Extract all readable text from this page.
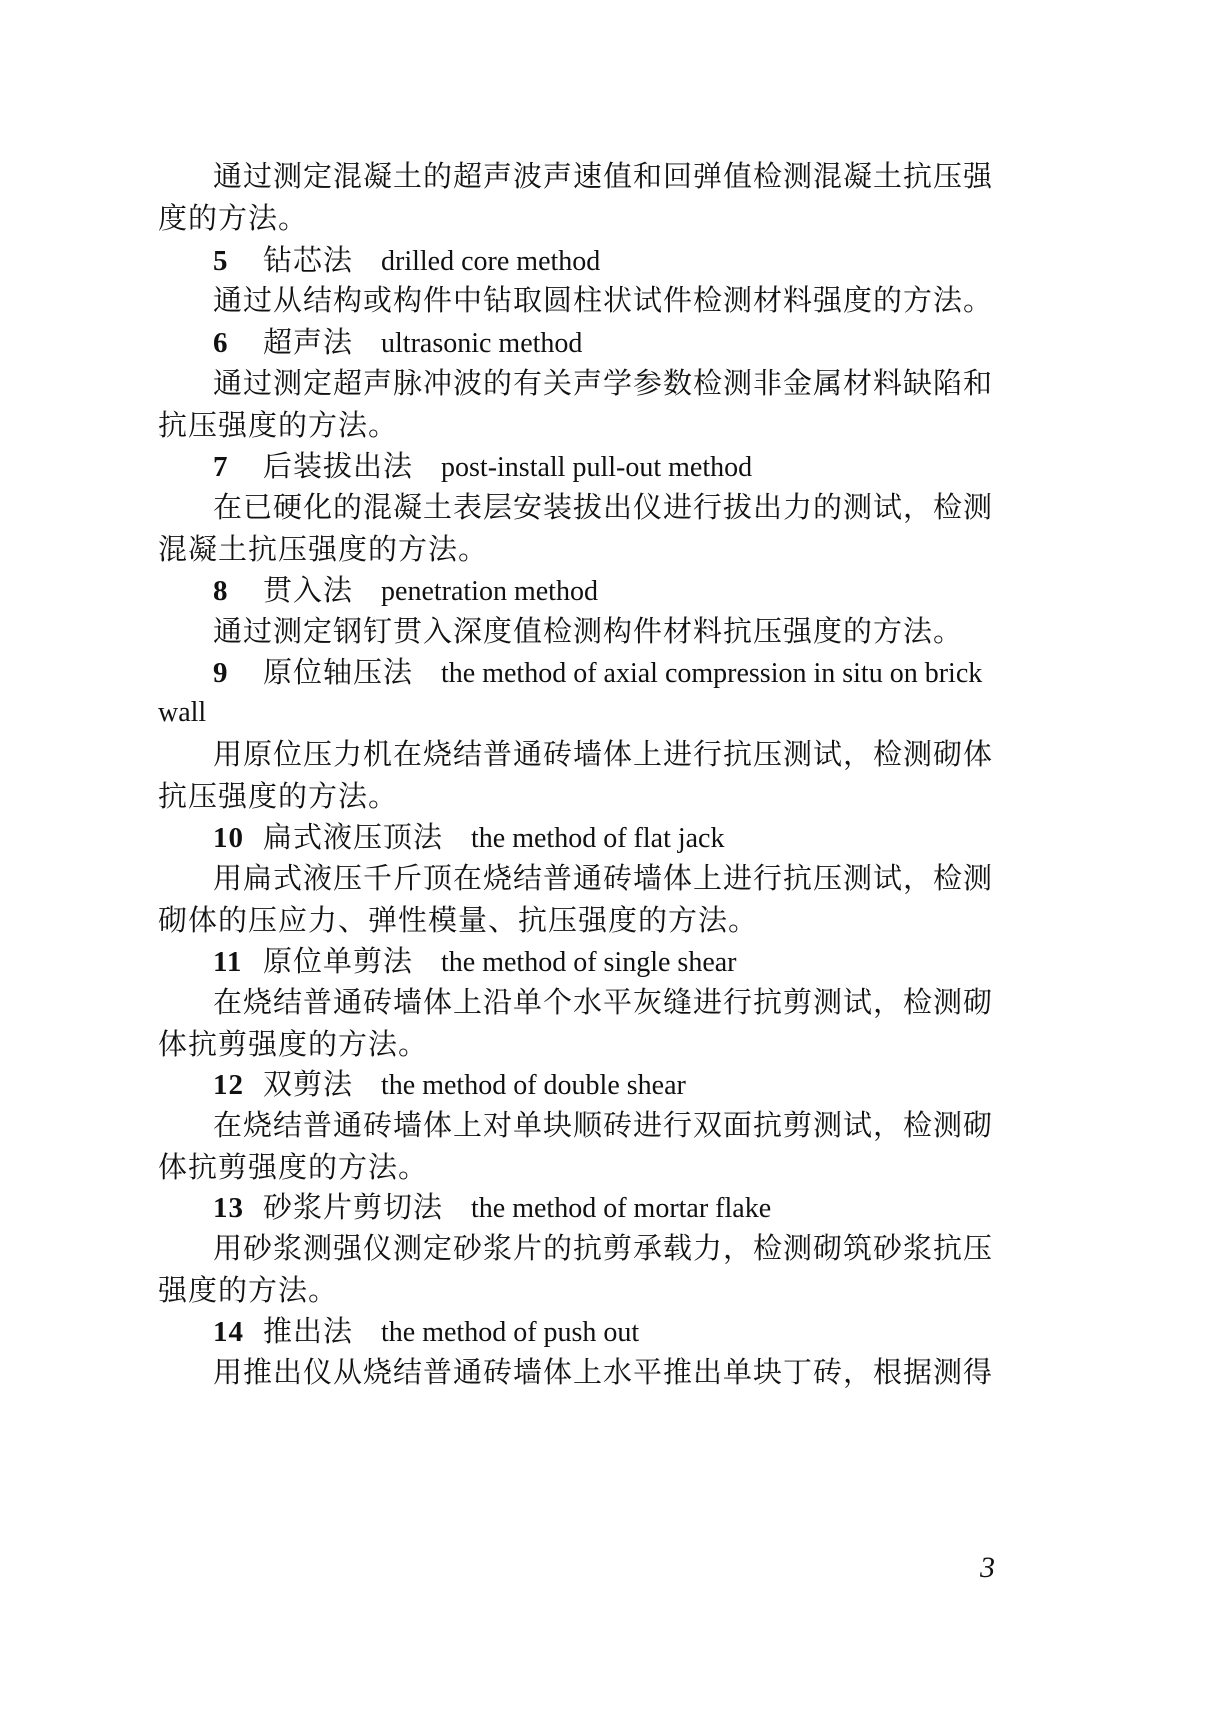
通过测定混凝土的超声波声速值和回弹值检测混凝土抗压强
度的方法。
5 钻芯法 drilled core method
通过从结构或构件中钻取圆柱状试件检测材料强度的方法。
6 超声法 ultrasonic method
通过测定超声脉冲波的有关声学参数检测非金属材料缺陷和
抗压强度的方法。
7 后装拔出法 post-install pull-out method
在已硬化的混凝土表层安装拔出仪进行拔出力的测试，检测
混凝土抗压强度的方法。
8 贯入法 penetration method
通过测定钢钉贯入深度值检测构件材料抗压强度的方法。
9 原位轴压法 the method of axial compression in situ on brick
wall
用原位压力机在烧结普通砖墙体上进行抗压测试，检测砌体
抗压强度的方法。
10 扁式液压顶法 the method of flat jack
用扁式液压千斤顶在烧结普通砖墙体上进行抗压测试，检测
砌体的压应力、弹性模量、抗压强度的方法。
11 原位单剪法 the method of single shear
在烧结普通砖墙体上沿单个水平灰缝进行抗剪测试，检测砌
体抗剪强度的方法。
12 双剪法 the method of double shear
在烧结普通砖墙体上对单块顺砖进行双面抗剪测试，检测砌
体抗剪强度的方法。
13 砂浆片剪切法 the method of mortar flake
用砂浆测强仪测定砂浆片的抗剪承载力，检测砌筑砂浆抗压
强度的方法。
14 推出法 the method of push out
用推出仪从烧结普通砖墙体上水平推出单块丁砖，根据测得
3
